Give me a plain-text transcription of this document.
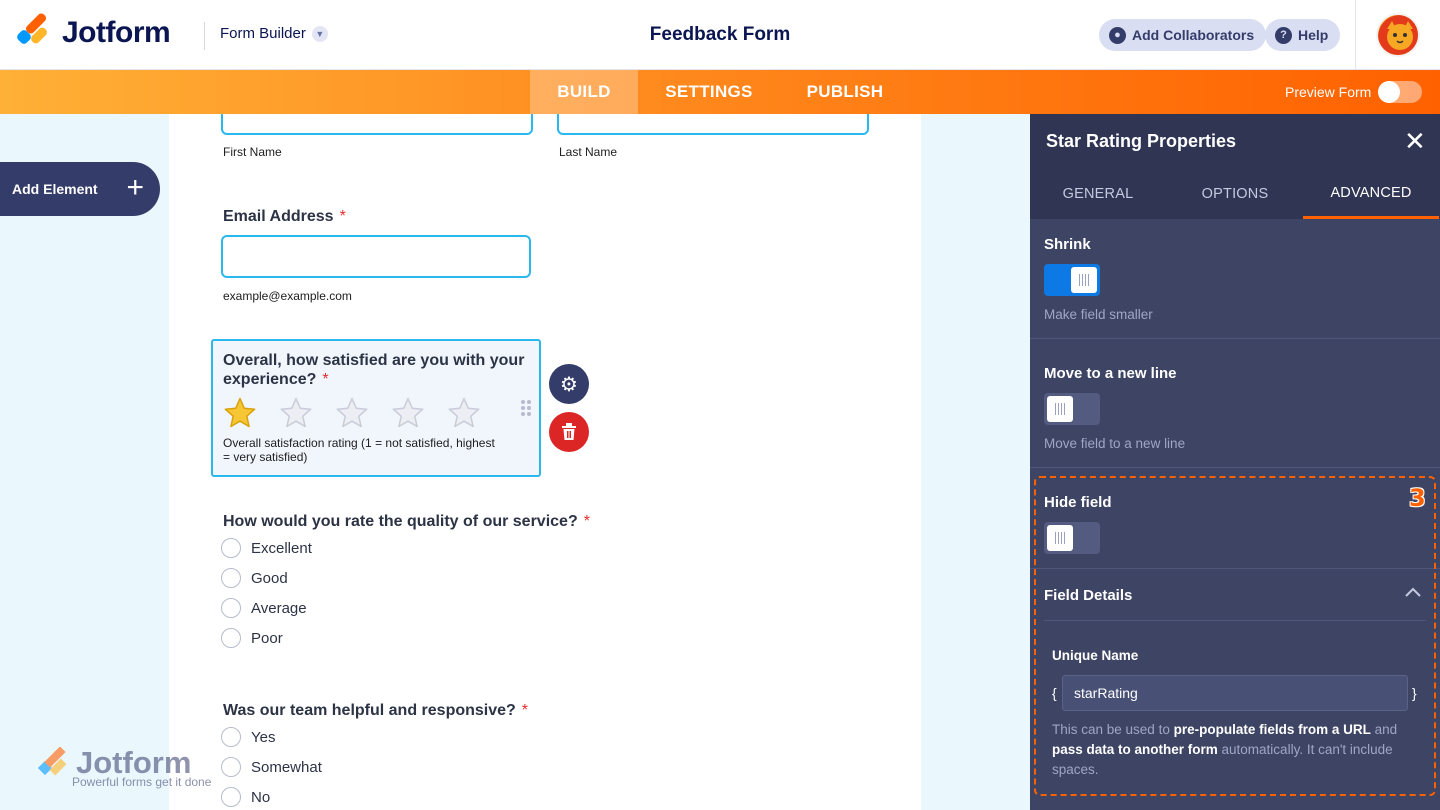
Jotform	Form Builder	▼	Feedback Form	● Add Collaborators	? Help
BUILD	SETTINGS	PUBLISH	Preview Form
Add Element +
First Name	Last Name
Email Address *
example@example.com
Overall, how satisfied are you with your
experience? *
Overall satisfaction rating (1 = not satisfied, highest
= very satisfied)
⚙
How would you rate the quality of our service? *
Excellent
Good
Average
Poor
Was our team helpful and responsive? *
Yes
Somewhat
No
Jotform
Powerful forms get it done
Star Rating Properties	✕
GENERAL	OPTIONS	ADVANCED
Shrink
Make field smaller
Move to a new line
Move field to a new line
Hide field
Field Details
Unique Name
3
{	starRating	}
This can be used to pre-populate fields from a URL and pass data to another form automatically. It can't include spaces.
